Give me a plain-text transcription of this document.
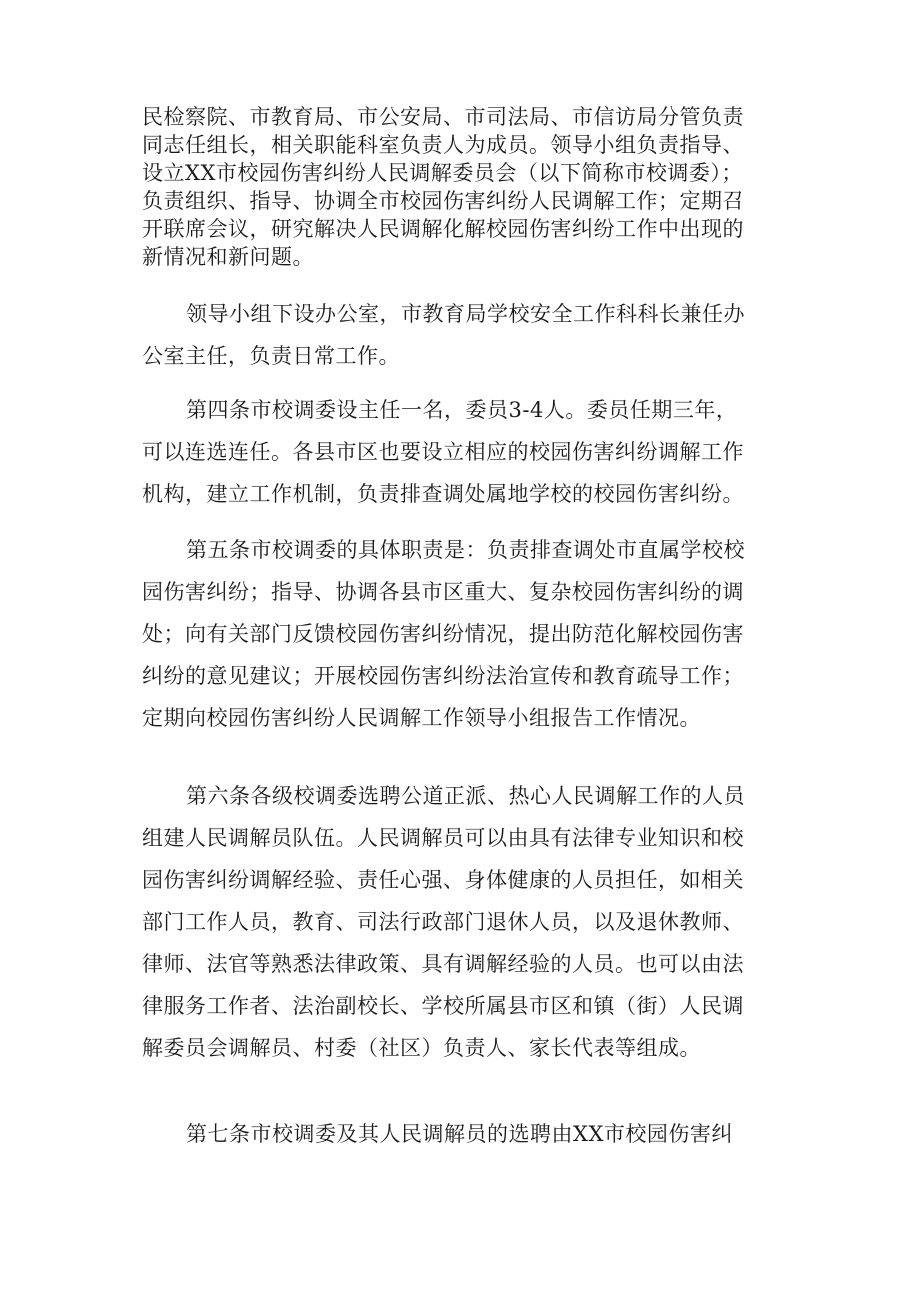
民检察院、市教育局、市公安局、市司法局、市信访局分管负责
同志任组长，相关职能科室负责人为成员。领导小组负责指导、
设立XX市校园伤害纠纷人民调解委员会（以下简称市校调委）；
负责组织、指导、协调全市校园伤害纠纷人民调解工作；定期召
开联席会议，研究解决人民调解化解校园伤害纠纷工作中出现的
新情况和新问题。
领导小组下设办公室，市教育局学校安全工作科科长兼任办
公室主任，负责日常工作。
第四条市校调委设主任一名，委员3-4人。委员任期三年，
可以连选连任。各县市区也要设立相应的校园伤害纠纷调解工作
机构，建立工作机制，负责排查调处属地学校的校园伤害纠纷。
第五条市校调委的具体职责是：负责排查调处市直属学校校
园伤害纠纷；指导、协调各县市区重大、复杂校园伤害纠纷的调
处；向有关部门反馈校园伤害纠纷情况，提出防范化解校园伤害
纠纷的意见建议；开展校园伤害纠纷法治宣传和教育疏导工作；
定期向校园伤害纠纷人民调解工作领导小组报告工作情况。
第六条各级校调委选聘公道正派、热心人民调解工作的人员
组建人民调解员队伍。人民调解员可以由具有法律专业知识和校
园伤害纠纷调解经验、责任心强、身体健康的人员担任，如相关
部门工作人员，教育、司法行政部门退休人员，以及退休教师、
律师、法官等熟悉法律政策、具有调解经验的人员。也可以由法
律服务工作者、法治副校长、学校所属县市区和镇（街）人民调
解委员会调解员、村委（社区）负责人、家长代表等组成。
第七条市校调委及其人民调解员的选聘由XX市校园伤害纠
